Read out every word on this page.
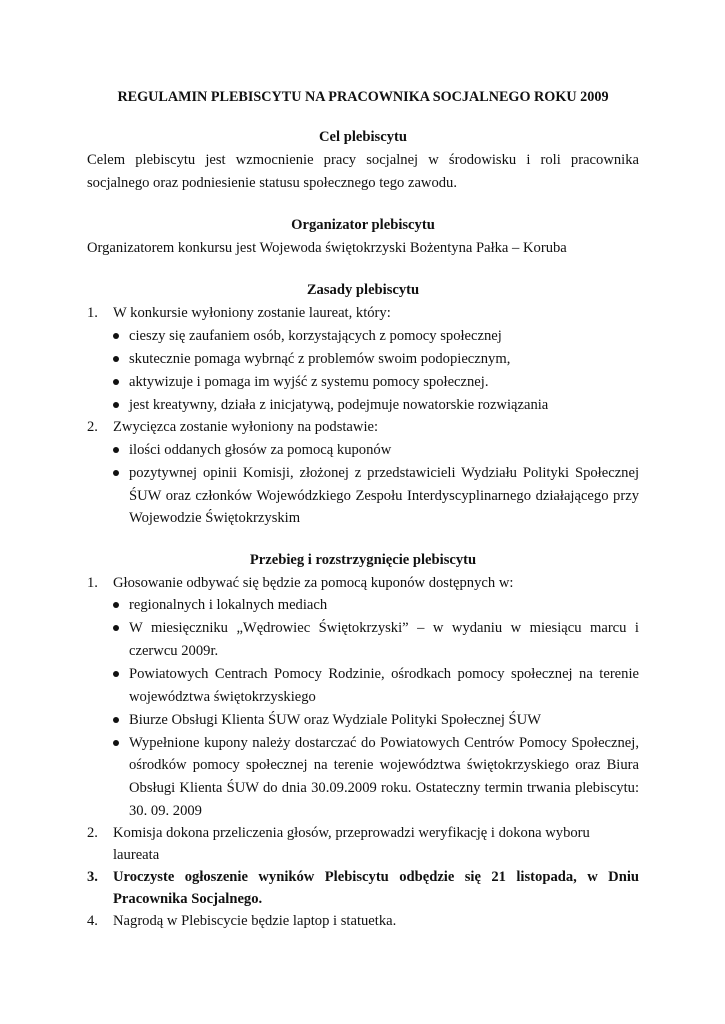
REGULAMIN PLEBISCYTU NA PRACOWNIKA SOCJALNEGO ROKU 2009

Cel plebiscytu

Celem plebiscytu jest wzmocnienie pracy socjalnej w środowisku i roli pracownika socjalnego oraz podniesienie statusu społecznego tego zawodu.

Organizator plebiscytu

Organizatorem konkursu jest Wojewoda świętokrzyski Bożentyna Pałka – Koruba

Zasady plebiscytu

1. W konkursie wyłoniony zostanie laureat, który:
cieszy się zaufaniem osób, korzystających z pomocy społecznej
skutecznie pomaga wybrnąć z problemów swoim podopiecznym,
aktywizuje i pomaga im wyjść z systemu pomocy społecznej.
jest kreatywny, działa z inicjatywą, podejmuje nowatorskie rozwiązania
2. Zwycięzca zostanie wyłoniony na podstawie:
ilości oddanych głosów za pomocą kuponów
pozytywnej opinii Komisji, złożonej z przedstawicieli Wydziału Polityki Społecznej ŚUW oraz członków Wojewódzkiego Zespołu Interdyscyplinarnego działającego przy Wojewodzie Świętokrzyskim

Przebieg i rozstrzygnięcie plebiscytu

1. Głosowanie odbywać się będzie za pomocą kuponów dostępnych w:
regionalnych i lokalnych mediach
W miesięczniku „Wędrowiec Świętokrzyski” – w wydaniu w miesiącu marcu i czerwcu 2009r.
Powiatowych Centrach Pomocy Rodzinie, ośrodkach pomocy społecznej na terenie województwa świętokrzyskiego
Biurze Obsługi Klienta ŚUW oraz Wydziale Polityki Społecznej ŚUW
Wypełnione kupony należy dostarczać do Powiatowych Centrów Pomocy Społecznej, ośrodków pomocy społecznej na terenie województwa świętokrzyskiego oraz Biura Obsługi Klienta ŚUW do dnia 30.09.2009 roku. Ostateczny termin trwania plebiscytu: 30. 09. 2009
2. Komisja dokona przeliczenia głosów, przeprowadzi weryfikację i dokona wyboru laureata
3. Uroczyste ogłoszenie wyników Plebiscytu odbędzie się 21 listopada, w Dniu Pracownika Socjalnego.
4. Nagrodą w Plebiscycie będzie laptop i statuetka.
